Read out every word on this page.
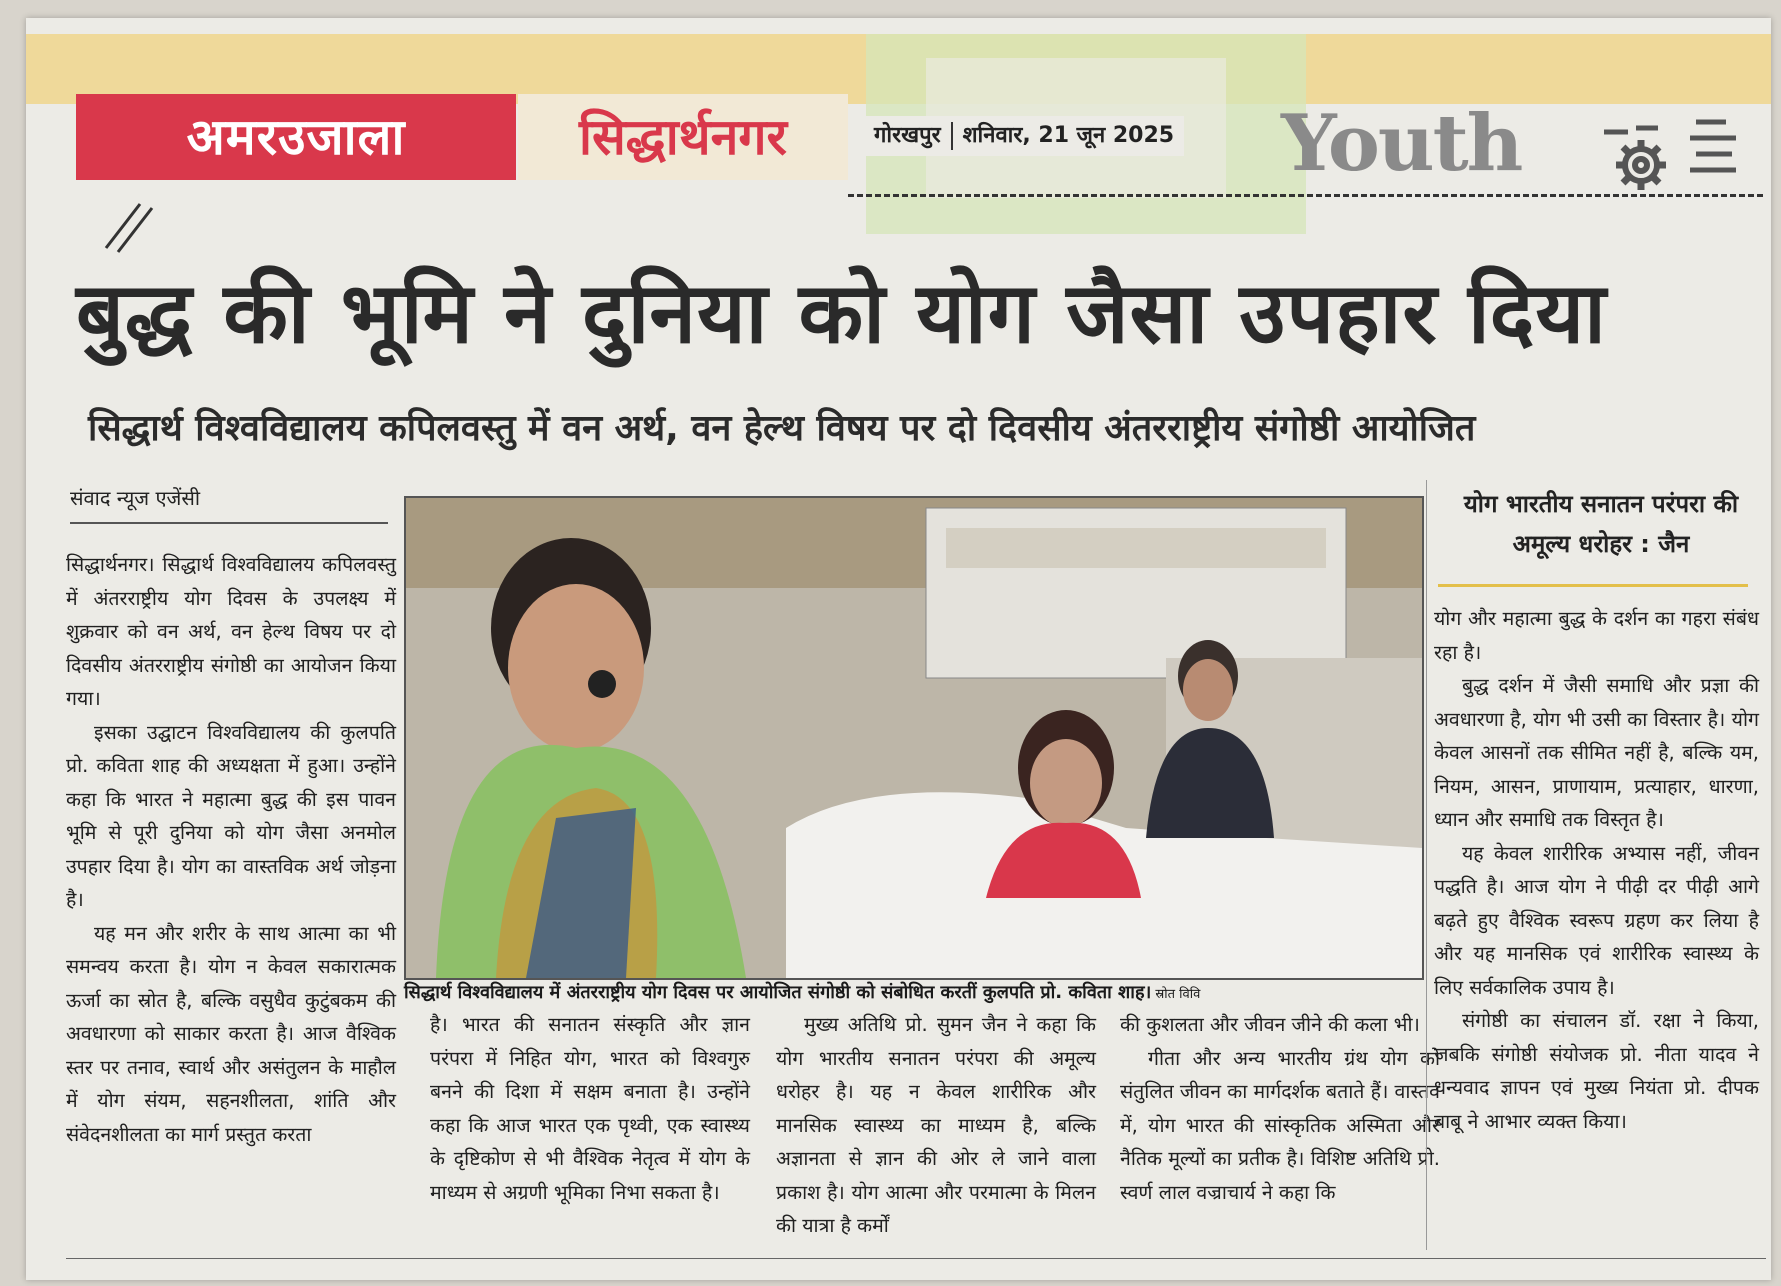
अमरउजाला	सिद्धार्थनगर	गोरखपुर शनिवार, 21 जून 2025 Youth
बुद्ध की भूमि ने दुनिया को योग जैसा उपहार दिया
सिद्धार्थ विश्वविद्यालय कपिलवस्तु में वन अर्थ, वन हेल्थ विषय पर दो दिवसीय अंतरराष्ट्रीय संगोष्ठी आयोजित
संवाद न्यूज एजेंसी

सिद्धार्थनगर। सिद्धार्थ विश्वविद्यालय कपिलवस्तु में अंतरराष्ट्रीय योग दिवस के उपलक्ष्य में शुक्रवार को वन अर्थ, वन हेल्थ विषय पर दो दिवसीय अंतरराष्ट्रीय संगोष्ठी का आयोजन किया गया।

इसका उद्घाटन विश्वविद्यालय की कुलपति प्रो. कविता शाह की अध्यक्षता में हुआ। उन्होंने कहा कि भारत ने महात्मा बुद्ध की इस पावन भूमि से पूरी दुनिया को योग जैसा अनमोल उपहार दिया है। योग का वास्तविक अर्थ जोड़ना है।

यह मन और शरीर के साथ आत्मा का भी समन्वय करता है। योग न केवल सकारात्मक ऊर्जा का स्रोत है, बल्कि वसुधैव कुटुंबकम की अवधारणा को साकार करता है। आज वैश्विक स्तर पर तनाव, स्वार्थ और असंतुलन के माहौल में योग संयम, सहनशीलता, शांति और संवेदनशीलता का मार्ग प्रस्तुत करता

सिद्धार्थ विश्वविद्यालय में अंतरराष्ट्रीय योग दिवस पर आयोजित संगोष्ठी को संबोधित करतीं कुलपति प्रो. कविता शाह। स्रोत विवि

है। भारत की सनातन संस्कृति और ज्ञान परंपरा में निहित योग, भारत को विश्वगुरु बनने की दिशा में सक्षम बनाता है। उन्होंने कहा कि आज भारत एक पृथ्वी, एक स्वास्थ्य के दृष्टिकोण से भी वैश्विक नेतृत्व में योग के माध्यम से अग्रणी भूमिका निभा सकता है।

मुख्य अतिथि प्रो. सुमन जैन ने कहा कि योग भारतीय सनातन परंपरा की अमूल्य धरोहर है। यह न केवल शारीरिक और मानसिक स्वास्थ्य का माध्यम है, बल्कि अज्ञानता से ज्ञान की ओर ले जाने वाला प्रकाश है। योग आत्मा और परमात्मा के मिलन की यात्रा है कर्मों

की कुशलता और जीवन जीने की कला भी।

गीता और अन्य भारतीय ग्रंथ योग को संतुलित जीवन का मार्गदर्शक बताते हैं। वास्तव में, योग भारत की सांस्कृतिक अस्मिता और नैतिक मूल्यों का प्रतीक है। विशिष्ट अतिथि प्रो. स्वर्ण लाल वज्राचार्य ने कहा कि

योग भारतीय सनातन परंपरा की अमूल्य धरोहर : जैन

योग और महात्मा बुद्ध के दर्शन का गहरा संबंध रहा है।

बुद्ध दर्शन में जैसी समाधि और प्रज्ञा की अवधारणा है, योग भी उसी का विस्तार है। योग केवल आसनों तक सीमित नहीं है, बल्कि यम, नियम, आसन, प्राणायाम, प्रत्याहार, धारणा, ध्यान और समाधि तक विस्तृत है।

यह केवल शारीरिक अभ्यास नहीं, जीवन पद्धति है। आज योग ने पीढ़ी दर पीढ़ी आगे बढ़ते हुए वैश्विक स्वरूप ग्रहण कर लिया है और यह मानसिक एवं शारीरिक स्वास्थ्य के लिए सर्वकालिक उपाय है।

संगोष्ठी का संचालन डॉ. रक्षा ने किया, जबकि संगोष्ठी संयोजक प्रो. नीता यादव ने धन्यवाद ज्ञापन एवं मुख्य नियंता प्रो. दीपक बाबू ने आभार व्यक्त किया।
